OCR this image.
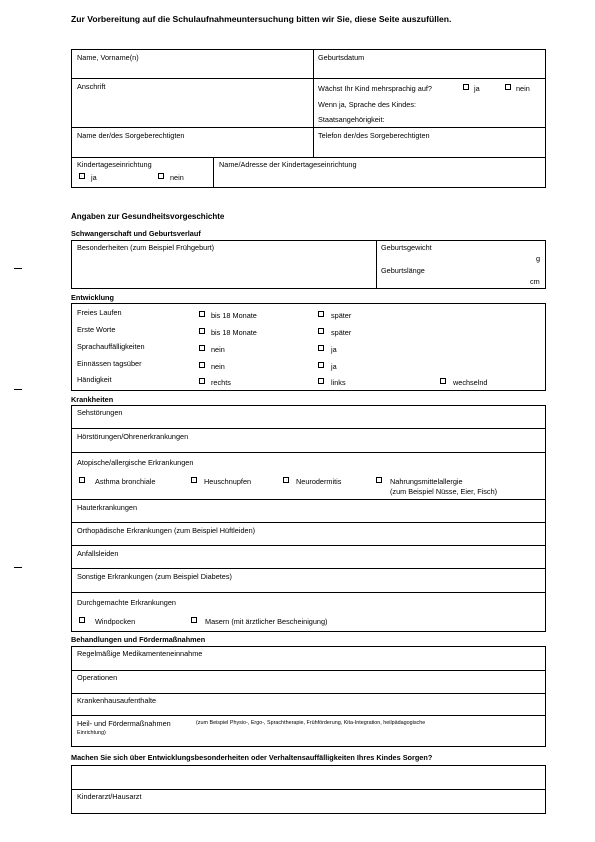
Zur Vorbereitung auf die Schulaufnahmeuntersuchung bitten wir Sie, diese Seite auszufüllen.
Name, Vorname(n)	Geburtsdatum
Anschrift	Wächst Ihr Kind mehrsprachig auf?	ja	nein
Wenn ja, Sprache des Kindes:
Staatsangehörigkeit:
Name der/des Sorgeberechtigten	Telefon der/des Sorgeberechtigten
Kindertageseinrichtung
ja	nein
Name/Adresse der Kindertageseinrichtung
Angaben zur Gesundheitsvorgeschichte
Schwangerschaft und Geburtsverlauf
Besonderheiten (zum Beispiel Frühgeburt)	Geburtsgewicht
g
Geburtslänge
cm
Entwicklung
Freies Laufen	bis 18 Monate	später
Erste Worte	bis 18 Monate	später
Sprachauffälligkeiten	nein	ja
Einnässen tagsüber	nein	ja
Händigkeit	rechts	links	wechselnd
Krankheiten
Sehstörungen
Hörstörungen/Ohrenerkrankungen
Atopische/allergische Erkrankungen
Asthma bronchiale	Heuschnupfen	Neurodermitis	Nahrungsmittelallergie
(zum Beispiel Nüsse, Eier, Fisch)
Hauterkrankungen
Orthopädische Erkrankungen (zum Beispiel Hüftleiden)
Anfallsleiden
Sonstige Erkrankungen (zum Beispiel Diabetes)
Durchgemachte Erkrankungen
Windpocken	Masern (mit ärztlicher Bescheinigung)
Behandlungen und Fördermaßnahmen
Regelmäßige Medikamenteneinnahme
Operationen
Krankenhausaufenthalte
Heil- und Fördermaßnahmen	(zum Beispiel Physio-, Ergo-, Sprachtherapie, Frühförderung, Kita-Integration, heilpädagogische
Einrichtung)
Machen Sie sich über Entwicklungsbesonderheiten oder Verhaltensauffälligkeiten Ihres Kindes Sorgen?
Kinderarzt/Hausarzt
